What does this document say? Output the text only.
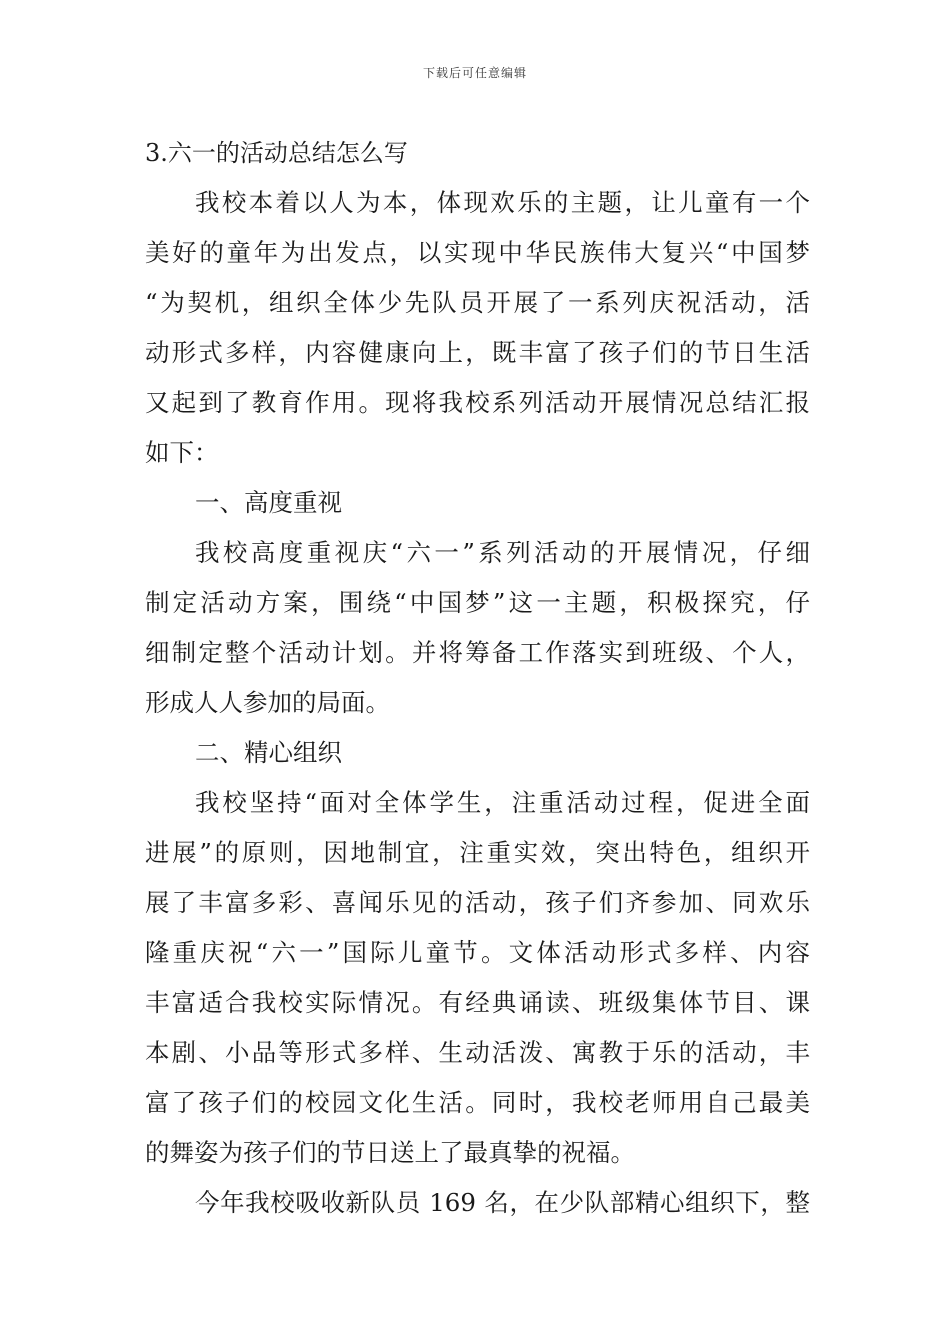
下载后可任意编辑
3.六一的活动总结怎么写
我校本着以人为本，体现欢乐的主题，让儿童有一个
美好的童年为出发点，以实现中华民族伟大复兴“中国梦
“为契机，组织全体少先队员开展了一系列庆祝活动，活
动形式多样，内容健康向上，既丰富了孩子们的节日生活
又起到了教育作用。现将我校系列活动开展情况总结汇报
如下：
一、高度重视
我校高度重视庆“六一”系列活动的开展情况，仔细
制定活动方案，围绕“中国梦”这一主题，积极探究，仔
细制定整个活动计划。并将筹备工作落实到班级、个人，
形成人人参加的局面。
二、精心组织
我校坚持“面对全体学生，注重活动过程，促进全面
进展”的原则，因地制宜，注重实效，突出特色，组织开
展了丰富多彩、喜闻乐见的活动，孩子们齐参加、同欢乐
隆重庆祝“六一”国际儿童节。文体活动形式多样、内容
丰富适合我校实际情况。有经典诵读、班级集体节目、课
本剧、小品等形式多样、生动活泼、寓教于乐的活动，丰
富了孩子们的校园文化生活。同时，我校老师用自己最美
的舞姿为孩子们的节日送上了最真挚的祝福。
今年我校吸收新队员 169 名，在少队部精心组织下，整
